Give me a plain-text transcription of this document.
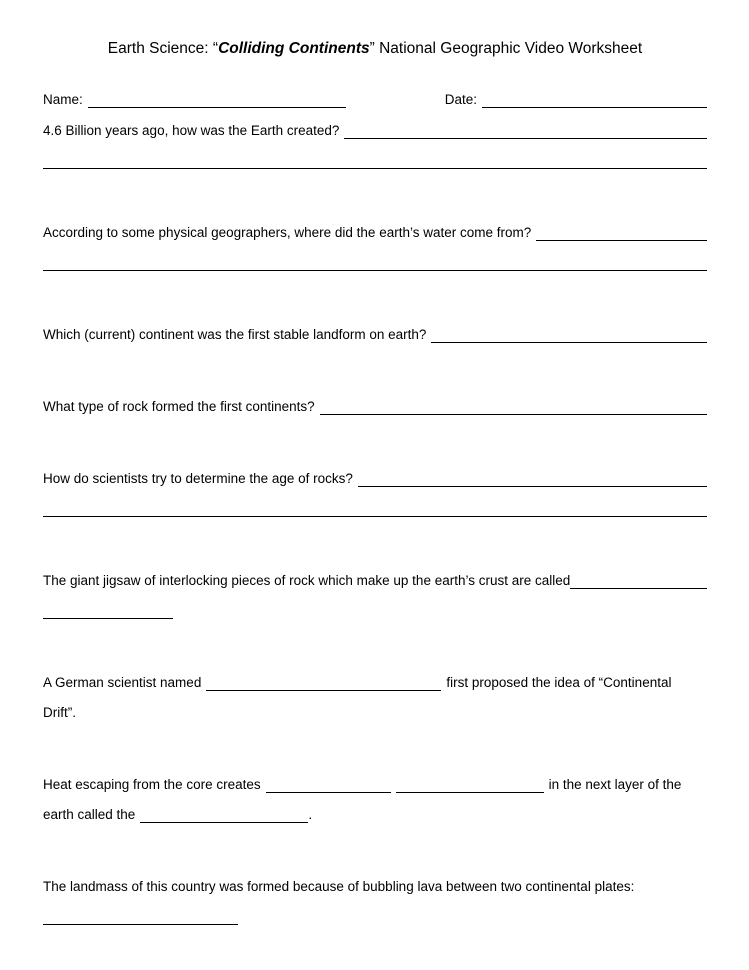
Earth Science: “Colliding Continents” National Geographic Video Worksheet
Name:	Date:
4.6 Billion years ago, how was the Earth created?
According to some physical geographers, where did the earth’s water come from?
Which (current) continent was the first stable landform on earth?
What type of rock formed the first continents?
How do scientists try to determine the age of rocks?
The giant jigsaw of interlocking pieces of rock which make up the earth’s crust are called
A German scientist named	first proposed the idea of “Continental
Drift”.
Heat escaping from the core creates	in the next layer of the
earth called the	.
The landmass of this country was formed because of bubbling lava between two continental plates:
